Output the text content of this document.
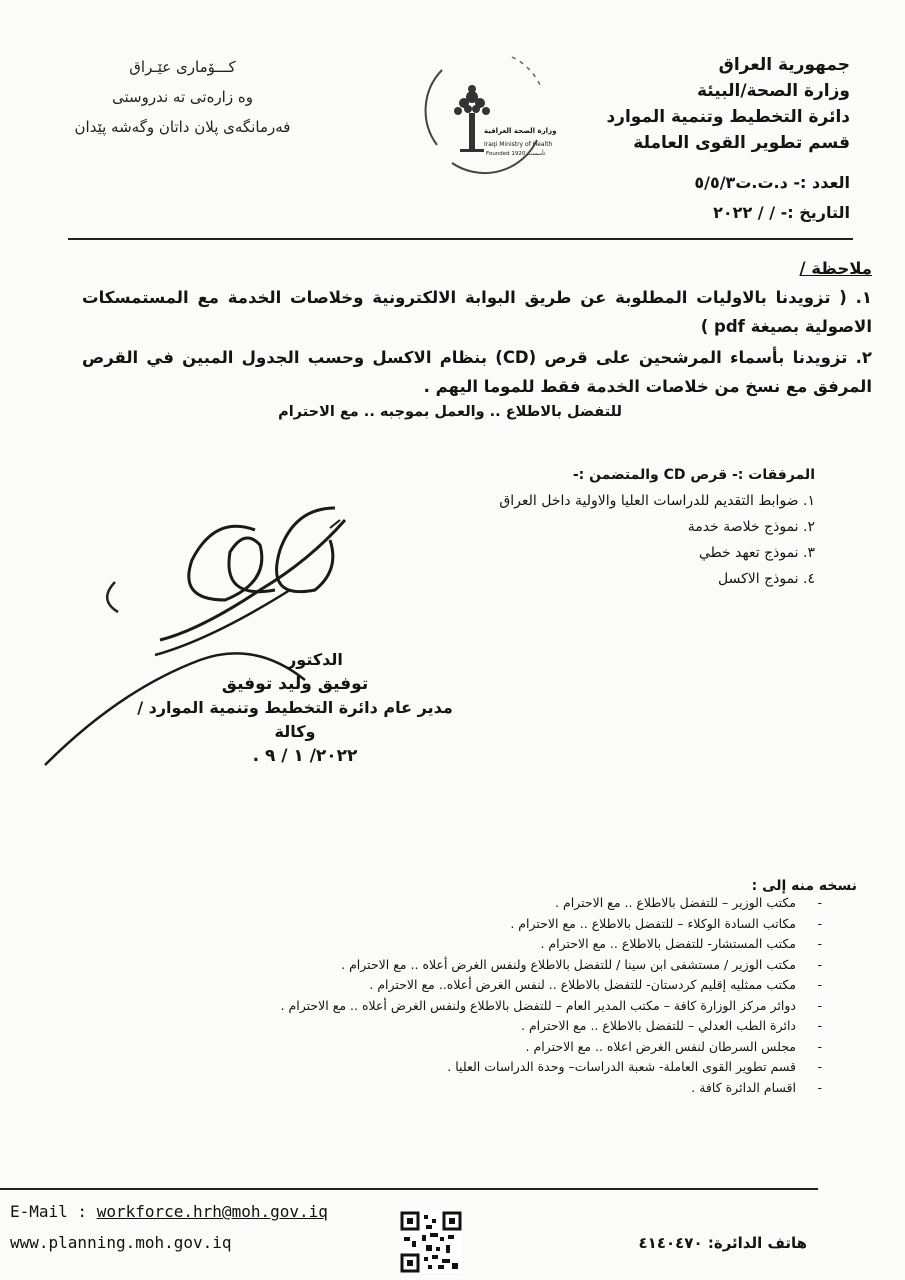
جمهورية العراق
وزارة الصحة/البيئة
دائرة التخطيط وتنمية الموارد
قسم تطوير القوى العاملة
كـــۆماری عێـراق
وه زارەتی تە ندروستى
فەرمانگەی پلان داتان وگەشە پێدان	وزارة الصحة العراقية
Iraqi Ministry of Health
Founded 1920 تأسست
العدد :- د.ت.ت٥/٥/٣
التاريخ :- / / ٢٠٢٢
ملاحظة /
١. ( تزويدنا بالاوليات المطلوبة عن طريق البوابة الالكترونية وخلاصات الخدمة مع المستمسكات الاصولية بصيغة pdf )
٢. تزويدنا بأسماء المرشحين على قرص (CD) بنظام الاكسل وحسب الجدول المبين في القرص المرفق مع نسخ من خلاصات الخدمة فقط للموما اليهم .
للتفضل بالاطلاع .. والعمل بموجبه .. مع الاحترام
المرفقات :- قرص CD والمتضمن :-
١. ضوابط التقديم للدراسات العليا والاولية داخل العراق
٢. نموذج خلاصة خدمة
٣. نموذج تعهد خطي
٤. نموذج الاكسل
الدكتور
توفيق وليد توفيق
مدير عام دائرة التخطيط وتنمية الموارد / وكالة
٢٠٢٢/ ١ / ٩ .
نسخه منه إلى :
- مكتب الوزير – للتفضل بالاطلاع .. مع الاحترام .
- مكاتب السادة الوكلاء – للتفضل بالاطلاع .. مع الاحترام .
- مكتب المستشار- للتفضل بالاطلاع .. مع الاحترام .
- مكتب الوزير / مستشفى ابن سينا / للتفضل بالاطلاع ولنفس الغرض أعلاه .. مع الاحترام .
- مكتب ممثليه إقليم كردستان- للتفضل بالاطلاع .. لنفس الغرض أعلاه.. مع الاحترام .
- دوائر مركز الوزارة كافة – مكتب المدير العام – للتفضل بالاطلاع ولنفس الغرض أعلاه .. مع الاحترام .
- دائرة الطب العدلي – للتفضل بالاطلاع .. مع الاحترام .
- مجلس السرطان لنفس الغرض اعلاه .. مع الاحترام .
- قسم تطوير القوى العاملة- شعبة الدراسات– وحدة الدراسات العليا .
- اقسام الدائرة كافة .
E-Mail : workforce.hrh@moh.gov.iq
www.planning.moh.gov.iq	هاتف الدائرة: ٤١٤٠٤٧٠
